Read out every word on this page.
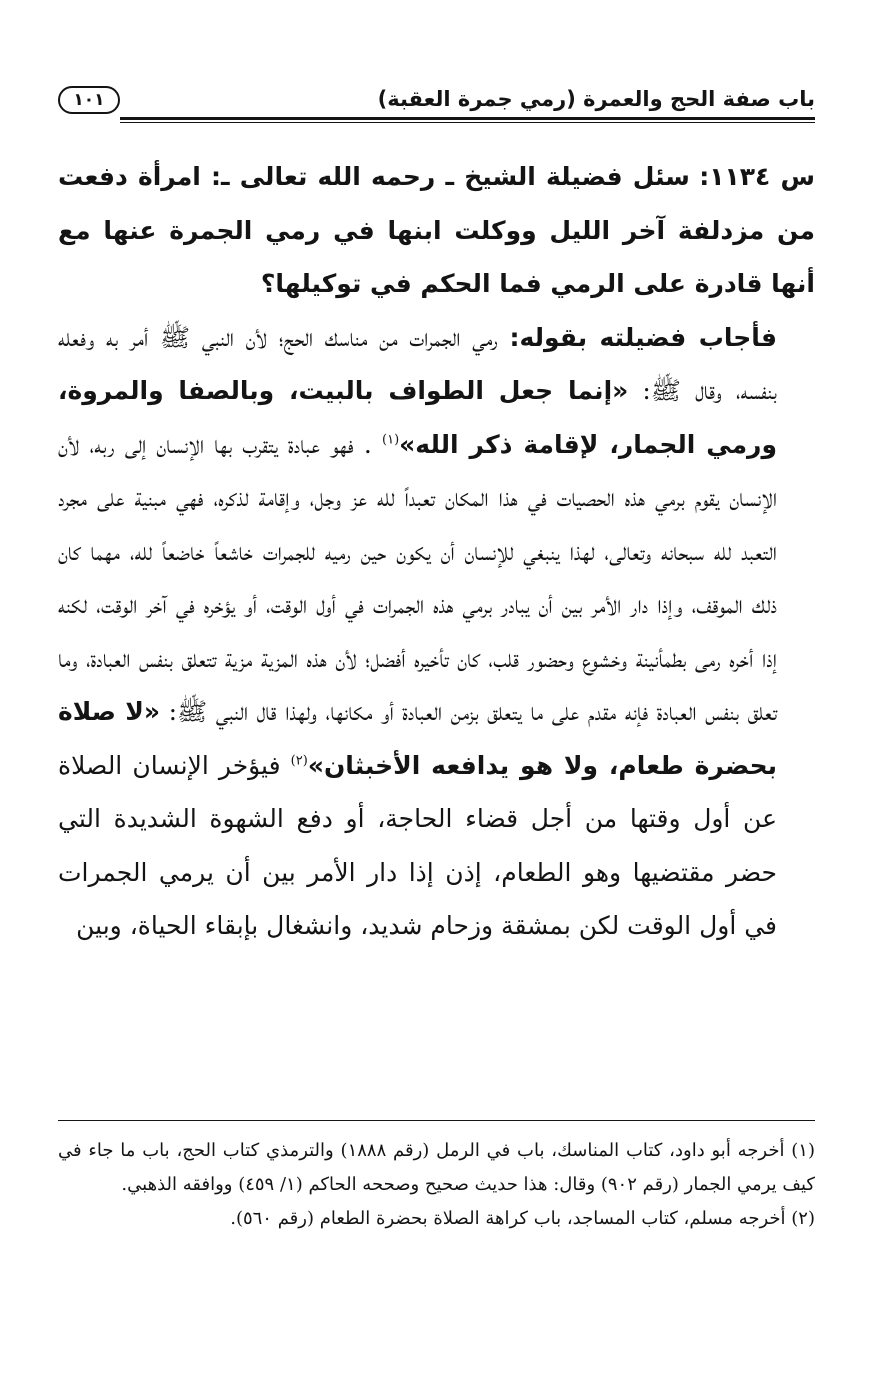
باب صفة الحج والعمرة (رمي جمرة العقبة)
١٠١

س ١١٣٤: سئل فضيلة الشيخ ـ رحمه الله تعالى ـ: امرأة دفعت من مزدلفة آخر الليل ووكلت ابنها في رمي الجمرة عنها مع أنها قادرة على الرمي فما الحكم في توكيلها؟

فأجاب فضيلته بقوله: رمي الجمرات من مناسك الحج؛ لأن النبي ﷺ أمر به وفعله بنفسه، وقال ﷺ: «إنما جعل الطواف بالبيت، وبالصفا والمروة، ورمي الجمار، لإقامة ذكر الله»$^{(١)}$ . فهو عبادة يتقرب بها الإنسان إلى ربه، لأن الإنسان يقوم برمي هذه الحصيات في هذا المكان تعبداً لله عز وجل، وإقامة لذكره، فهي مبنية على مجرد التعبد لله سبحانه وتعالى، لهذا ينبغي للإنسان أن يكون حين رميه للجمرات خاشعاً خاضعاً لله، مهما كان ذلك الموقف، وإذا دار الأمر بين أن يبادر برمي هذه الجمرات في أول الوقت، أو يؤخره في آخر الوقت، لكنه إذا أخره رمى بطمأنينة وخشوع وحضور قلب، كان تأخيره أفضل؛ لأن هذه المزية مزية تتعلق بنفس العبادة، وما تعلق بنفس العبادة فإنه مقدم على ما يتعلق بزمن العبادة أو مكانها، ولهذا قال النبي ﷺ: «لا صلاة بحضرة طعام، ولا هو يدافعه الأخبثان»$^{(٢)}$ فيؤخر الإنسان الصلاة عن أول وقتها من أجل قضاء الحاجة، أو دفع الشهوة الشديدة التي حضر مقتضيها وهو الطعام، إذن إذا دار الأمر بين أن يرمي الجمرات في أول الوقت لكن بمشقة وزحام شديد، وانشغال بإبقاء الحياة، وبين

(١) أخرجه أبو داود، كتاب المناسك، باب في الرمل (رقم ١٨٨٨) والترمذي كتاب الحج، باب ما جاء في كيف يرمي الجمار (رقم ٩٠٢) وقال: هذا حديث صحيح وصححه الحاكم (١/ ٤٥٩) ووافقه الذهبي.

(٢) أخرجه مسلم، كتاب المساجد، باب كراهة الصلاة بحضرة الطعام (رقم ٥٦٠).
